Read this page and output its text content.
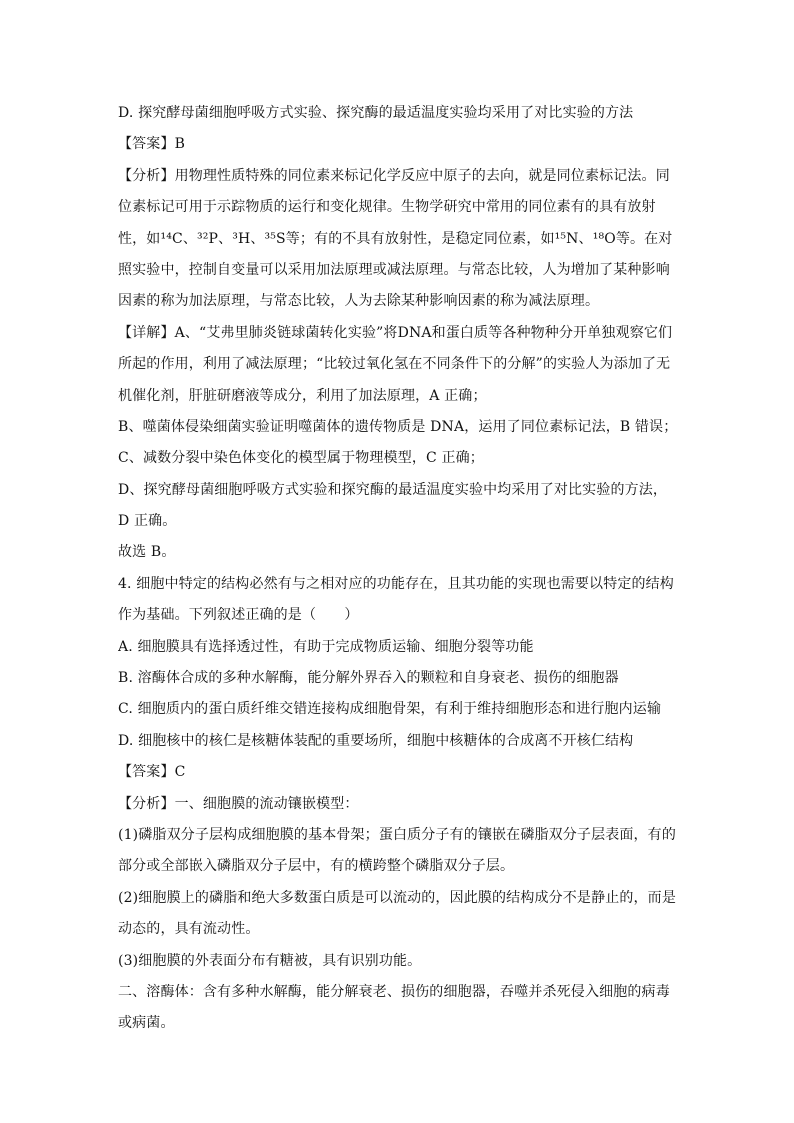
D. 探究酵母菌细胞呼吸方式实验、探究酶的最适温度实验均采用了对比实验的方法
【答案】B
【分析】用物理性质特殊的同位素来标记化学反应中原子的去向，就是同位素标记法。同
位素标记可用于示踪物质的运行和变化规律。生物学研究中常用的同位素有的具有放射
性，如¹⁴C、³²P、³H、³⁵S等；有的不具有放射性，是稳定同位素，如¹⁵N、¹⁸O等。在对
照实验中，控制自变量可以采用加法原理或减法原理。与常态比较，人为增加了某种影响
因素的称为加法原理，与常态比较，人为去除某种影响因素的称为减法原理。
【详解】A、“艾弗里肺炎链球菌转化实验”将DNA和蛋白质等各种物种分开单独观察它们
所起的作用，利用了减法原理；“比较过氧化氢在不同条件下的分解”的实验人为添加了无
机催化剂，肝脏研磨液等成分，利用了加法原理，A 正确；
B、噬菌体侵染细菌实验证明噬菌体的遗传物质是 DNA，运用了同位素标记法，B 错误；
C、减数分裂中染色体变化的模型属于物理模型，C 正确；
D、探究酵母菌细胞呼吸方式实验和探究酶的最适温度实验中均采用了对比实验的方法，
D 正确。
故选 B。
4. 细胞中特定的结构必然有与之相对应的功能存在，且其功能的实现也需要以特定的结构
作为基础。下列叙述正确的是（　　）
A. 细胞膜具有选择透过性，有助于完成物质运输、细胞分裂等功能
B. 溶酶体合成的多种水解酶，能分解外界吞入的颗粒和自身衰老、损伤的细胞器
C. 细胞质内的蛋白质纤维交错连接构成细胞骨架，有利于维持细胞形态和进行胞内运输
D. 细胞核中的核仁是核糖体装配的重要场所，细胞中核糖体的合成离不开核仁结构
【答案】C
【分析】一、细胞膜的流动镶嵌模型：
(1)磷脂双分子层构成细胞膜的基本骨架；蛋白质分子有的镶嵌在磷脂双分子层表面，有的
部分或全部嵌入磷脂双分子层中，有的横跨整个磷脂双分子层。
(2)细胞膜上的磷脂和绝大多数蛋白质是可以流动的，因此膜的结构成分不是静止的，而是
动态的，具有流动性。
(3)细胞膜的外表面分布有糖被，具有识别功能。
二、溶酶体：含有多种水解酶，能分解衰老、损伤的细胞器，吞噬并杀死侵入细胞的病毒
或病菌。
